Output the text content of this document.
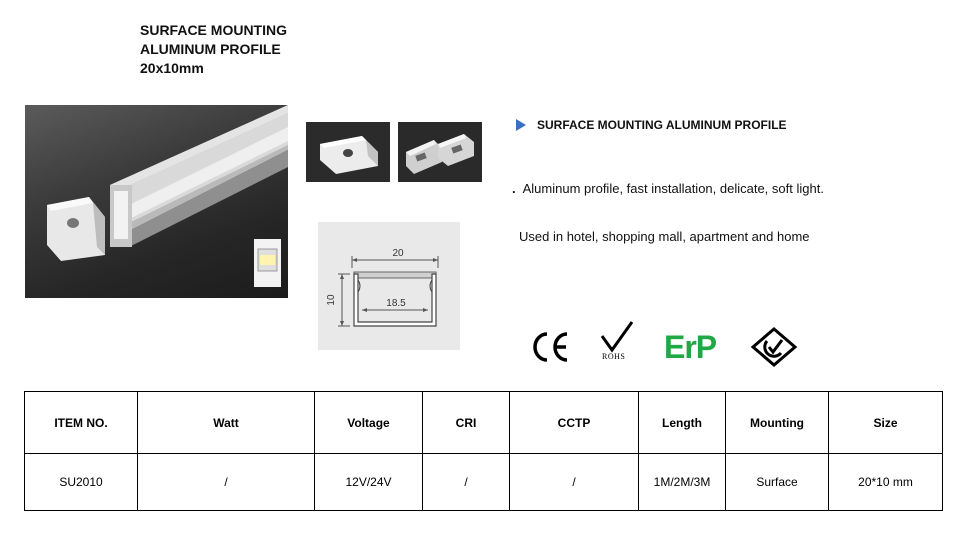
SURFACE MOUNTING
ALUMINUM PROFILE
20x10mm
20
10	18.5
SURFACE MOUNTING ALUMINUM PROFILE
. Aluminum profile, fast installation, delicate, soft light.
Used in hotel, shopping mall, apartment and home
ROHS ErP
ITEM NO.	Watt	Voltage	CRI	CCTP	Length	Mounting	Size
SU2010	/	12V/24V	/	/	1M/2M/3M	Surface	20*10 mm
